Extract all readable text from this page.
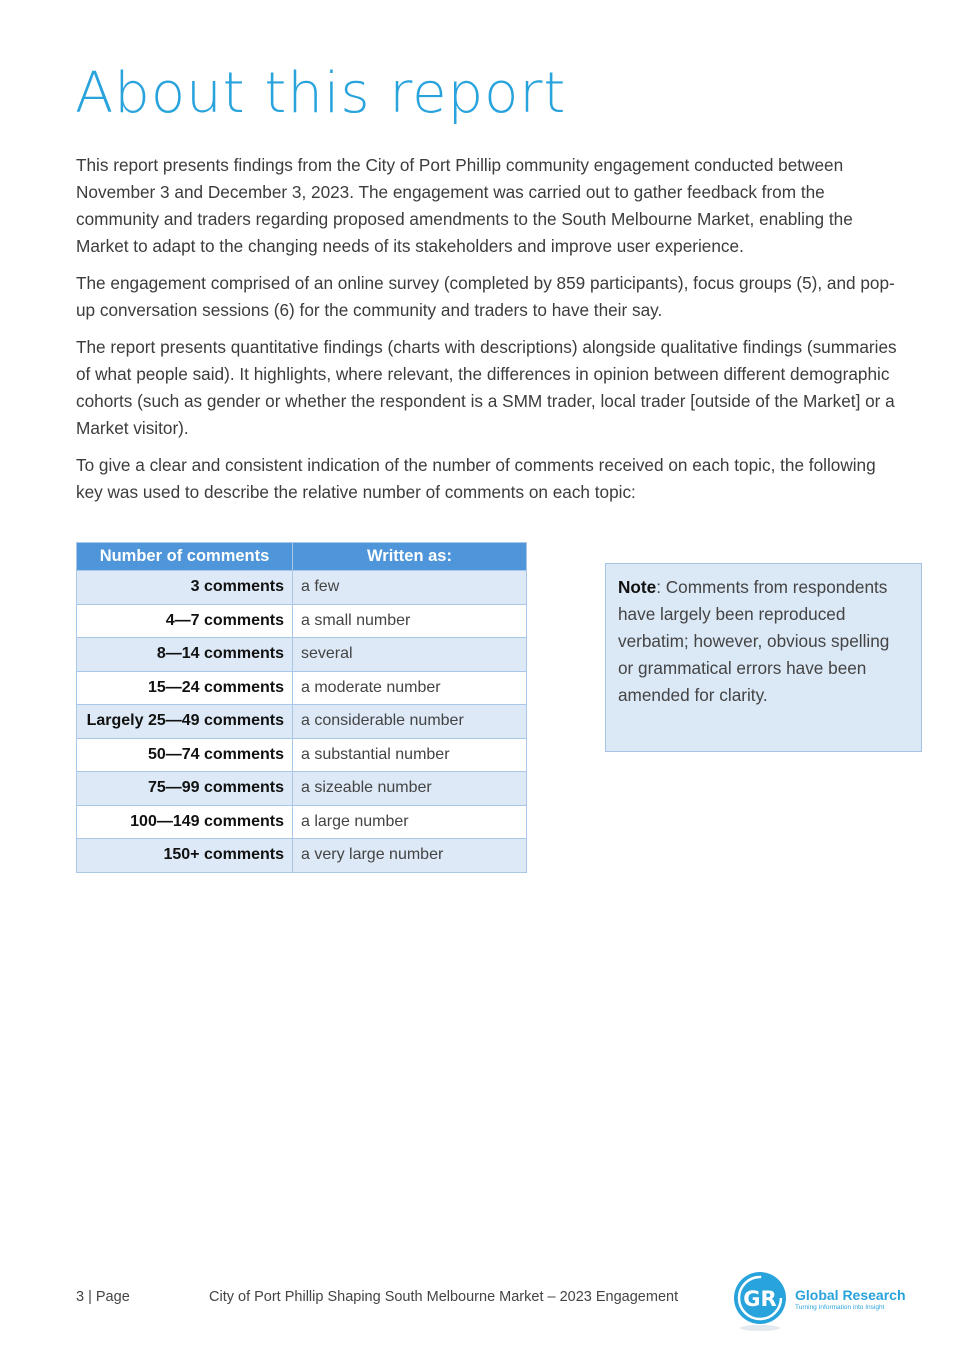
About this report

This report presents findings from the City of Port Phillip community engagement conducted between November 3 and December 3, 2023. The engagement was carried out to gather feedback from the community and traders regarding proposed amendments to the South Melbourne Market, enabling the Market to adapt to the changing needs of its stakeholders and improve user experience.

The engagement comprised of an online survey (completed by 859 participants), focus groups (5), and pop-up conversation sessions (6) for the community and traders to have their say.

The report presents quantitative findings (charts with descriptions) alongside qualitative findings (summaries of what people said). It highlights, where relevant, the differences in opinion between different demographic cohorts (such as gender or whether the respondent is a SMM trader, local trader [outside of the Market] or a Market visitor).

To give a clear and consistent indication of the number of comments received on each topic, the following key was used to describe the relative number of comments on each topic:

Number of comments	Written as:
3 comments	a few
4—7 comments	a small number
8—14 comments	several
15—24 comments	a moderate number
Largely 25—49 comments	a considerable number
50—74 comments	a substantial number
75—99 comments	a sizeable number
100—149 comments	a large number
150+ comments	a very large number
Note: Comments from respondents have largely been reproduced verbatim; however, obvious spelling or grammatical errors have been amended for clarity.
3 | Page	City of Port Phillip Shaping South Melbourne Market – 2023 Engagement	GR Global Research
Turning Information into Insight
